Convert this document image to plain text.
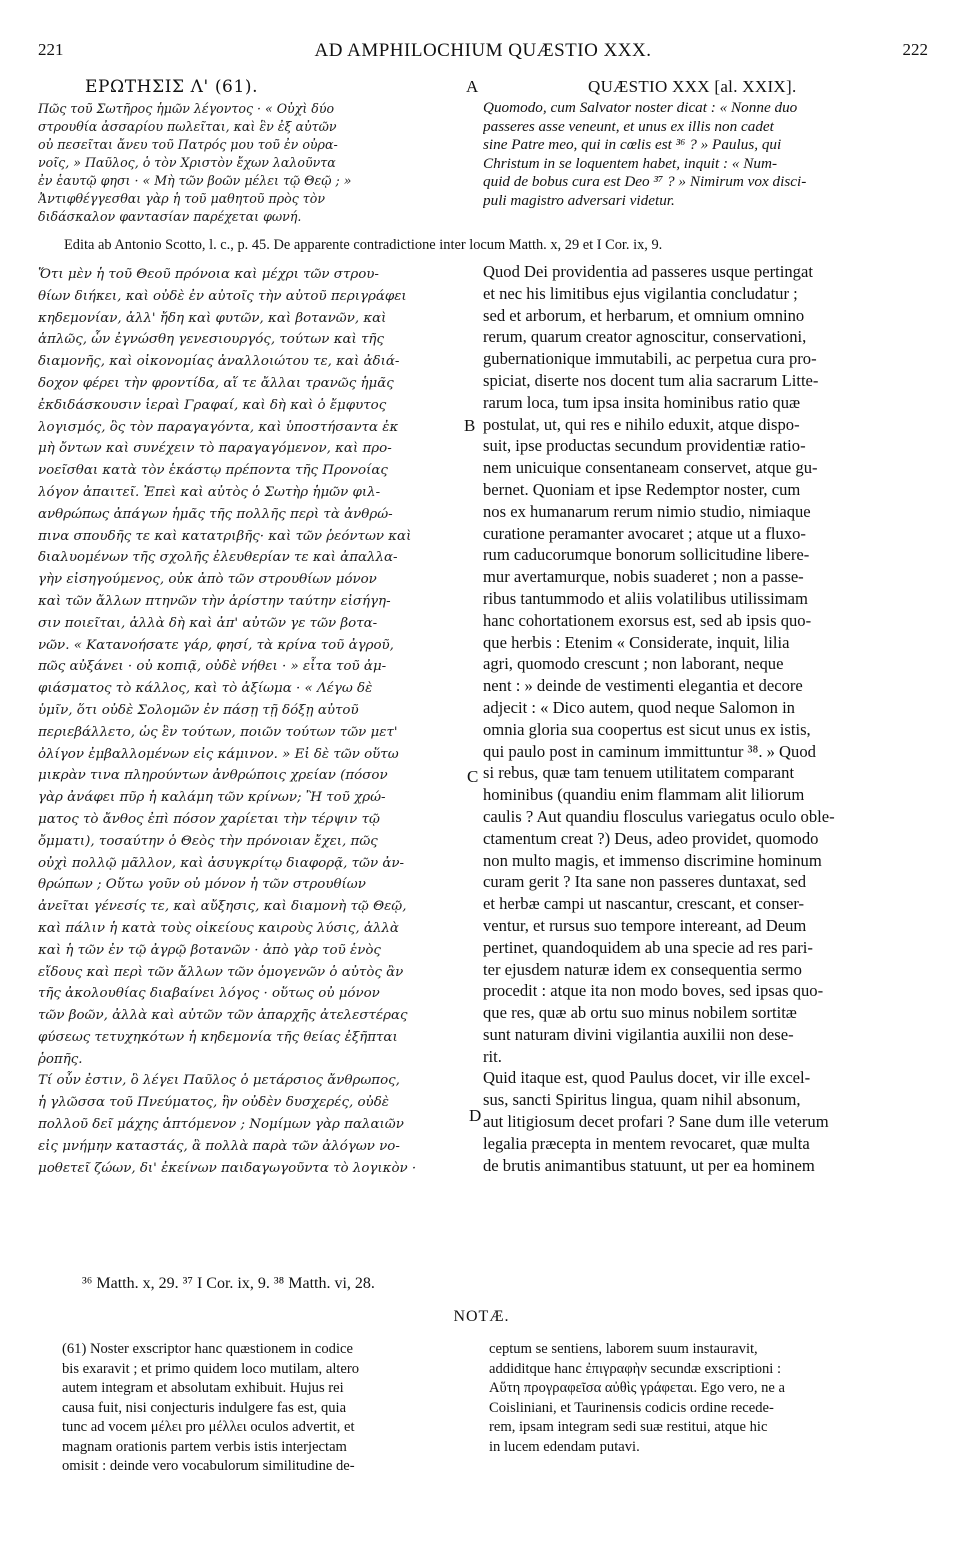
221	AD AMPHILOCHIUM QUÆSTIO XXX.	222
ΕΡΩΤΗΣΙΣ Λ' (61).	A	QUÆSTIO XXX [al. XXIX].
Πῶς τοῦ Σωτῆρος ἡμῶν λέγοντος · « Οὐχὶ δύο
στρουθία ἀσσαρίου πωλεῖται, καὶ ἓν ἐξ αὐτῶν
οὐ πεσεῖται ἄνευ τοῦ Πατρός μου τοῦ ἐν οὐρα-
νοῖς, » Παῦλος, ὁ τὸν Χριστὸν ἔχων λαλοῦντα
ἐν ἑαυτῷ φησι · « Μὴ τῶν βοῶν μέλει τῷ Θεῷ ; »
Ἀντιφθέγγεσθαι γὰρ ἡ τοῦ μαθητοῦ πρὸς τὸν
διδάσκαλον φαντασίαν παρέχεται φωνή.
Quomodo, cum Salvator noster dicat : « Nonne duo
passeres asse veneunt, et unus ex illis non cadet
sine Patre meo, qui in cœlis est ³⁶ ? » Paulus, qui
Christum in se loquentem habet, inquit : « Num-
quid de bobus cura est Deo ³⁷ ? » Nimirum vox disci-
puli magistro adversari videtur.
Edita ab Antonio Scotto, l. c., p. 45. De apparente contradictione inter locum Matth. x, 29 et I Cor. ix, 9.
Ὅτι μὲν ἡ τοῦ Θεοῦ πρόνοια καὶ μέχρι τῶν στρου-
θίων διήκει, καὶ οὐδὲ ἐν αὐτοῖς τὴν αὐτοῦ περιγράφει
κηδεμονίαν, ἀλλ' ἤδη καὶ φυτῶν, καὶ βοτανῶν, καὶ
ἁπλῶς, ὧν ἐγνώσθη γενεσιουργός, τούτων καὶ τῆς
διαμονῆς, καὶ οἰκονομίας ἀναλλοιώτου τε, καὶ ἀδιά-
δοχον φέρει τὴν φροντίδα, αἵ τε ἄλλαι τρανῶς ἡμᾶς
ἐκδιδάσκουσιν ἱεραὶ Γραφαί, καὶ δὴ καὶ ὁ ἔμφυτος
λογισμός, ὃς τὸν παραγαγόντα, καὶ ὑποστήσαντα ἐκ
μὴ ὄντων καὶ συνέχειν τὸ παραγαγόμενον, καὶ προ-
νοεῖσθαι κατὰ τὸν ἑκάστῳ πρέποντα τῆς Προνοίας
λόγον ἀπαιτεῖ. Ἐπεὶ καὶ αὐτὸς ὁ Σωτὴρ ἡμῶν φιλ-
ανθρώπως ἀπάγων ἡμᾶς τῆς πολλῆς περὶ τὰ ἀνθρώ-
πινα σπουδῆς τε καὶ κατατριβῆς· καὶ τῶν ῥεόντων καὶ
διαλυομένων τῆς σχολῆς ἐλευθερίαν τε καὶ ἀπαλλα-
γὴν εἰσηγούμενος, οὐκ ἀπὸ τῶν στρουθίων μόνον
καὶ τῶν ἄλλων πτηνῶν τὴν ἀρίστην ταύτην εἰσήγη-
σιν ποιεῖται, ἀλλὰ δὴ καὶ ἀπ' αὐτῶν γε τῶν βοτα-
νῶν. « Κατανοήσατε γάρ, φησί, τὰ κρίνα τοῦ ἀγροῦ,
πῶς αὐξάνει · οὐ κοπιᾷ, οὐδὲ νήθει · » εἶτα τοῦ ἀμ-
φιάσματος τὸ κάλλος, καὶ τὸ ἀξίωμα · « Λέγω δὲ
ὑμῖν, ὅτι οὐδὲ Σολομῶν ἐν πάσῃ τῇ δόξῃ αὐτοῦ
περιεβάλλετο, ὡς ἓν τούτων, ποιῶν τούτων τῶν μετ'
ὀλίγον ἐμβαλλομένων εἰς κάμινον. » Εἰ δὲ τῶν οὕτω
μικρὰν τινα πληρούντων ἀνθρώποις χρείαν (πόσον
γὰρ ἀνάφει πῦρ ἡ καλάμη τῶν κρίνων; Ἢ τοῦ χρώ-
ματος τὸ ἄνθος ἐπὶ πόσον χαρίεται τὴν τέρψιν τῷ
ὄμματι), τοσαύτην ὁ Θεὸς τὴν πρόνοιαν ἔχει, πῶς
οὐχὶ πολλῷ μᾶλλον, καὶ ἀσυγκρίτῳ διαφορᾷ, τῶν ἀν-
θρώπων ; Οὕτω γοῦν οὐ μόνον ἡ τῶν στρουθίων
ἀνεῖται γένεσίς τε, καὶ αὔξησις, καὶ διαμονὴ τῷ Θεῷ,
καὶ πάλιν ἡ κατὰ τοὺς οἰκείους καιροὺς λύσις, ἀλλὰ
καὶ ἡ τῶν ἐν τῷ ἀγρῷ βοτανῶν · ἀπὸ γὰρ τοῦ ἑνὸς
εἴδους καὶ περὶ τῶν ἄλλων τῶν ὁμογενῶν ὁ αὐτὸς ἂν
τῆς ἀκολουθίας διαβαίνει λόγος · οὕτως οὐ μόνον
τῶν βοῶν, ἀλλὰ καὶ αὐτῶν τῶν ἀπαρχῆς ἀτελεστέρας
φύσεως τετυχηκότων ἡ κηδεμονία τῆς θείας ἐξῆπται
ῥοπῆς.
Τί οὖν ἐστιν, ὃ λέγει Παῦλος ὁ μετάρσιος ἄνθρωπος,
ἡ γλῶσσα τοῦ Πνεύματος, ἣν οὐδὲν δυσχερές, οὐδὲ
πολλοῦ δεῖ μάχης ἁπτόμενον ; Νομίμων γὰρ παλαιῶν
εἰς μνήμην καταστάς, ἃ πολλὰ παρὰ τῶν ἀλόγων νο-
μοθετεῖ ζώων, δι' ἐκείνων παιδαγωγοῦντα τὸ λογικὸν ·
Quod Dei providentia ad passeres usque pertingat
et nec his limitibus ejus vigilantia concludatur ;
sed et arborum, et herbarum, et omnium omnino
rerum, quarum creator agnoscitur, conservationi,
gubernationique immutabili, ac perpetua cura pro-
spiciat, diserte nos docent tum alia sacrarum Litte-
rarum loca, tum ipsa insita hominibus ratio quæ
postulat, ut, qui res e nihilo eduxit, atque dispo-
suit, ipse productas secundum providentiæ ratio-
nem unicuique consentaneam conservet, atque gu-
bernet. Quoniam et ipse Redemptor noster, cum
nos ex humanarum rerum nimio studio, nimiaque
curatione peramanter avocaret ; atque ut a fluxo-
rum caducorumque bonorum sollicitudine libere-
mur avertamurque, nobis suaderet ; non a passe-
ribus tantummodo et aliis volatilibus utilissimam
hanc cohortationem exorsus est, sed ab ipsis quo-
que herbis : Etenim « Considerate, inquit, lilia
agri, quomodo crescunt ; non laborant, neque
nent : » deinde de vestimenti elegantia et decore
adjecit : « Dico autem, quod neque Salomon in
omnia gloria sua coopertus est sicut unus ex istis,
qui paulo post in caminum immittuntur ³⁸. » Quod
si rebus, quæ tam tenuem utilitatem comparant
hominibus (quandiu enim flammam alit liliorum
caulis ? Aut quandiu flosculus variegatus oculo oble-
ctamentum creat ?) Deus, adeo providet, quomodo
non multo magis, et immenso discrimine hominum
curam gerit ? Ita sane non passeres duntaxat, sed
et herbæ campi ut nascantur, crescant, et conser-
ventur, et rursus suo tempore intereant, ad Deum
pertinet, quandoquidem ab una specie ad res pari-
ter ejusdem naturæ idem ex consequentia sermo
procedit : atque ita non modo boves, sed ipsas quo-
que res, quæ ab ortu suo minus nobilem sortitæ
sunt naturam divini vigilantia auxilii non dese-
rit.
Quid itaque est, quod Paulus docet, vir ille excel-
sus, sancti Spiritus lingua, quam nihil absonum,
aut litigiosum decet profari ? Sane dum ille veterum
legalia præcepta in mentem revocaret, quæ multa
de brutis animantibus statuunt, ut per ea hominem
B
C
D
³⁶ Matth. x, 29. ³⁷ I Cor. ix, 9. ³⁸ Matth. vi, 28.
NOTÆ.
(61) Noster exscriptor hanc quæstionem in codice
bis exaravit ; et primo quidem loco mutilam, altero
autem integram et absolutam exhibuit. Hujus rei
causa fuit, nisi conjecturis indulgere fas est, quia
tunc ad vocem μέλει pro μέλλει oculos advertit, et
magnam orationis partem verbis istis interjectam
omisit : deinde vero vocabulorum similitudine de-
ceptum se sentiens, laborem suum instauravit,
addiditque hanc ἐπιγραφὴν secundæ exscriptioni :
Αὕτη προγραφεῖσα αὐθὶς γράφεται. Ego vero, ne a
Coisliniani, et Taurinensis codicis ordine recede-
rem, ipsam integram sedi suæ restitui, atque hic
in lucem edendam putavi.
